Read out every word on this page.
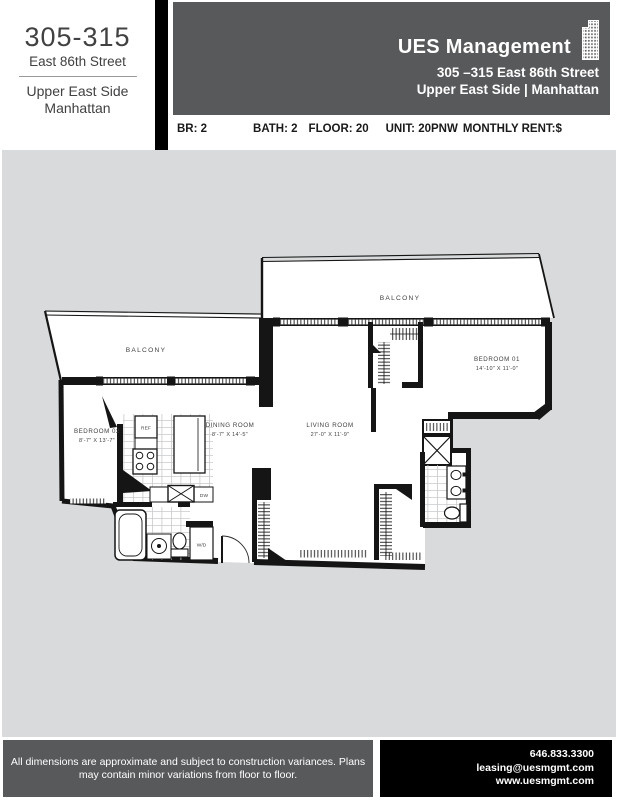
305-315
East 86th Street
Upper East Side
Manhattan
UES Management
305 –315 East 86th Street
Upper East Side | Manhattan
BR: 2	BATH: 2 FLOOR: 20 UNIT: 20PNW MONTHLY RENT:$
BALCONY
BALCONY
BEDROOM 02
8'-7" X 13'-7"
DINING ROOM
8'-7" X 14'-5"
LIVING ROOM
27'-0" X 11'-9"
BEDROOM 01
14'-10" X 11'-0"
REF
DW
W/D
All dimensions are approximate and subject to construction variances. Plans
may contain minor variations from floor to floor.
646.833.3300
leasing@uesmgmt.com
www.uesmgmt.com
